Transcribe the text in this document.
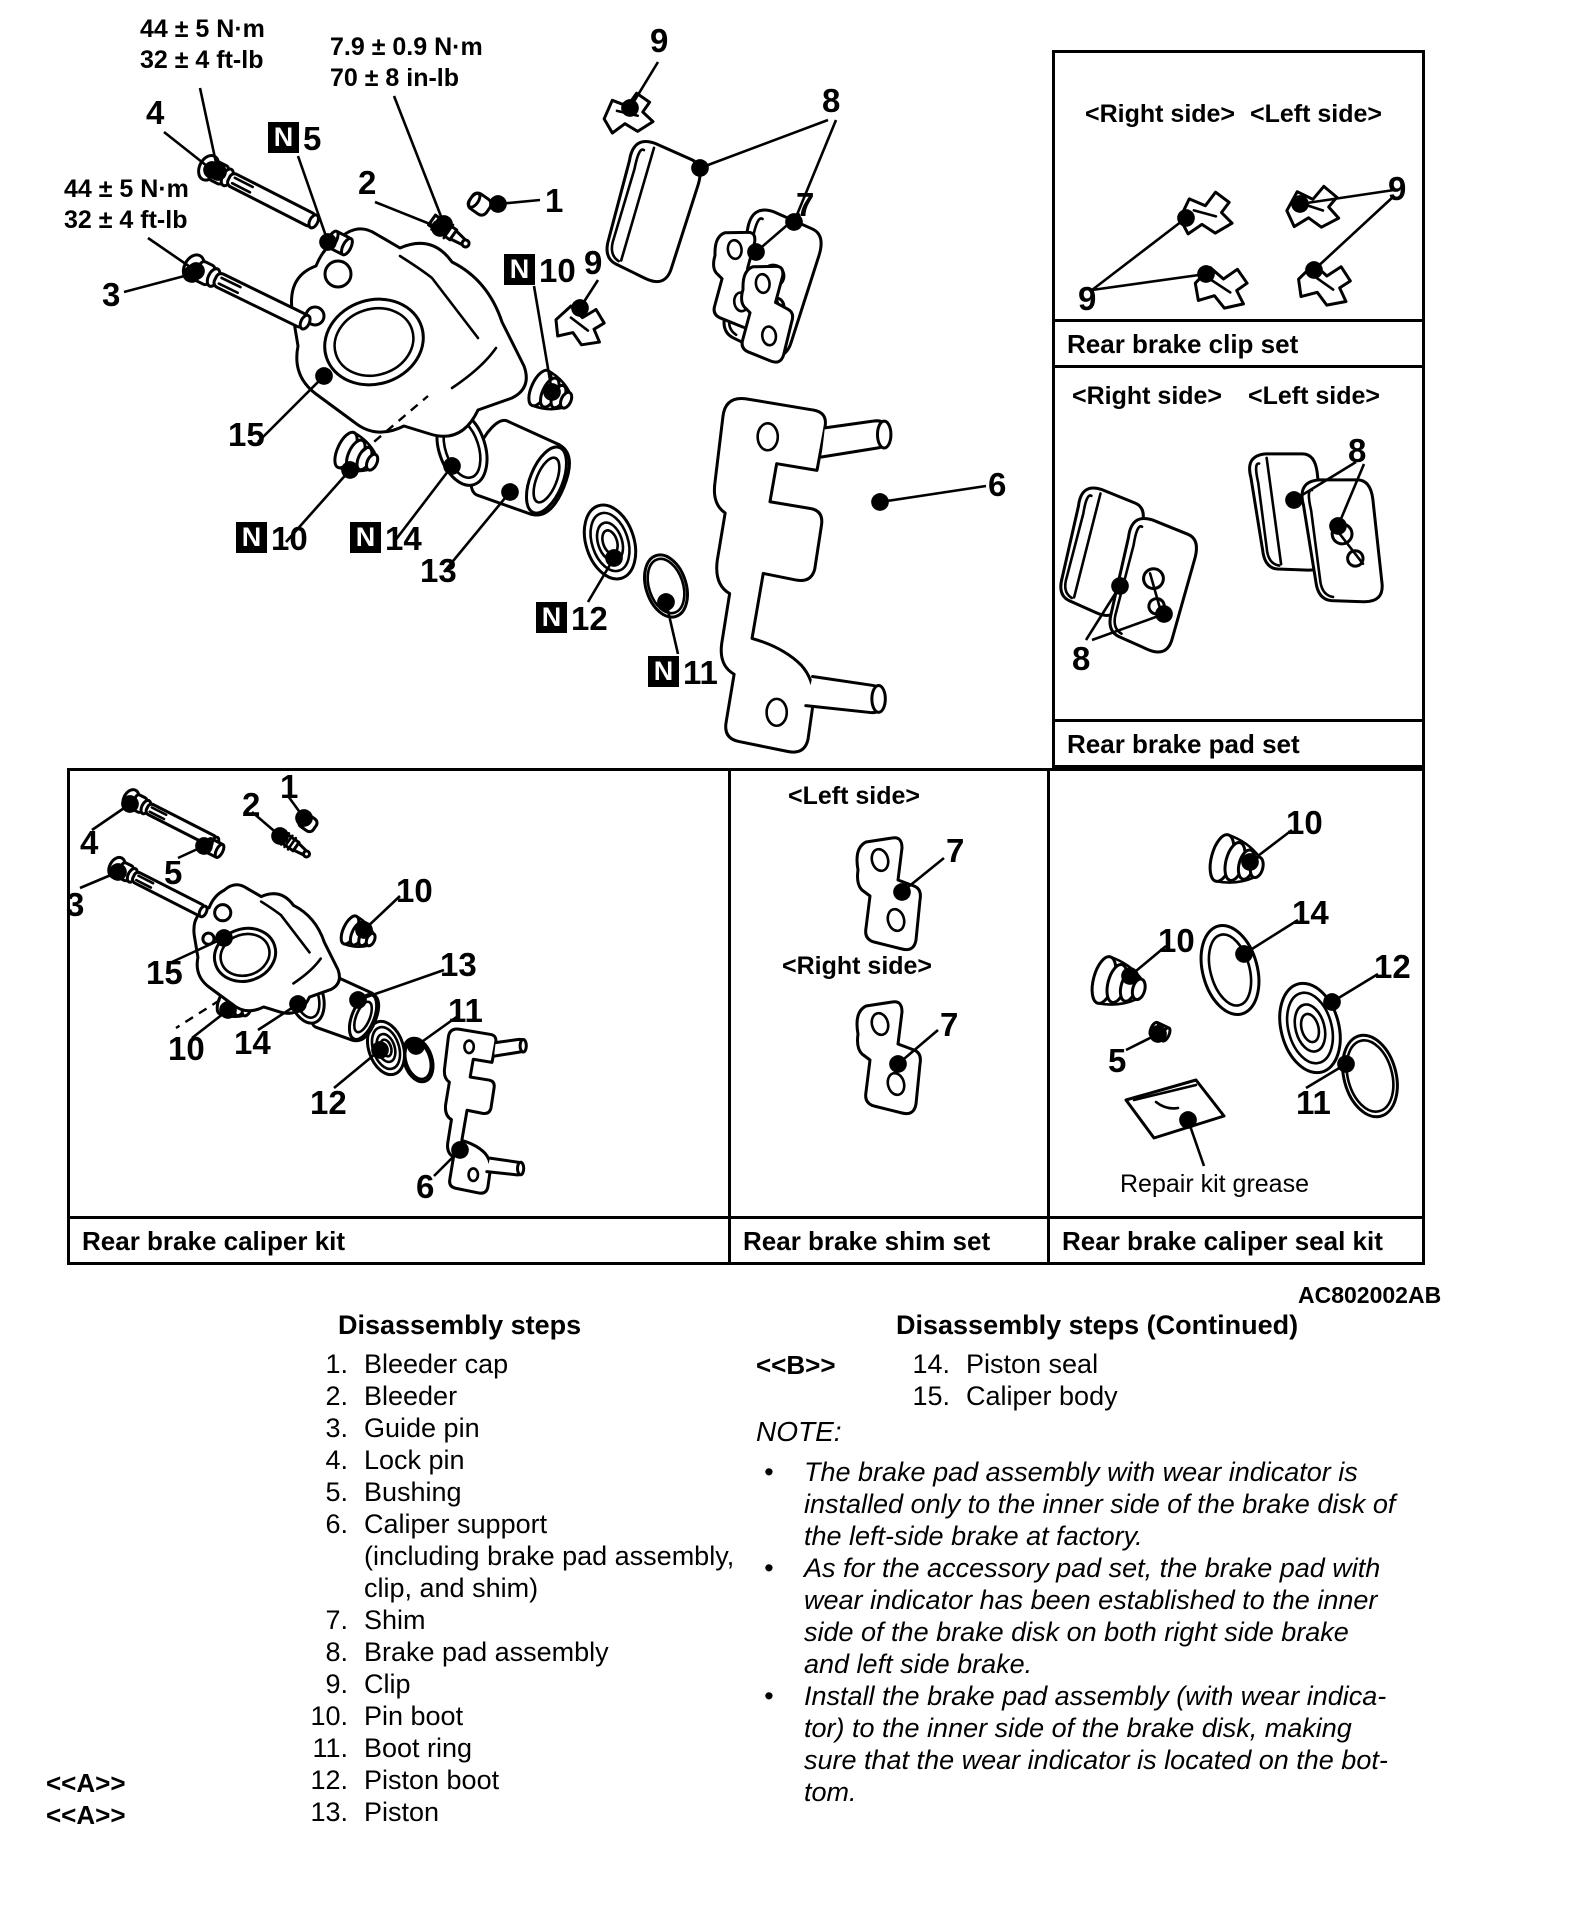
Rear brake clip set
Rear brake pad set
Rear brake caliper kit	Rear brake shim set	Rear brake caliper seal kit
44 ± 5 N·m
32 ± 4 ft-lb	7.9 ± 0.9 N·m
70 ± 8 in-lb
44 ± 5 N·m
32 ± 4 ft-lb
<Right side> <Left side>
<Right side> <Left side>
<Left side>
<Right side>
Repair kit grease
AC802002AB
Disassembly steps
1. Bleeder cap
2. Bleeder
3. Guide pin
4. Lock pin
5. Bushing
6. Caliper support
(including brake pad assembly,
clip, and shim)
7. Shim
8. Brake pad assembly
9. Clip
10. Pin boot
11. Boot ring
12. Piston boot
13. Piston
<<A>>
<<A>>
Disassembly steps (Continued)
<<B>>	14. Piston seal
15. Caliper body
NOTE:
• The brake pad assembly with wear indicator is
installed only to the inner side of the brake disk of
the left-side brake at factory.
• As for the accessory pad set, the brake pad with
wear indicator has been established to the inner
side of the brake disk on both right side brake
and left side brake.
• Install the brake pad assembly (with wear indica-
tor) to the inner side of the brake disk, making
sure that the wear indicator is located on the bot-
tom.
4
N 5
2	1
3
9
8
9
7
N 10
15
N 10 N 14
13
N 12
N 11
6
1
2
4
5
3
15
10
13
14
10
12
11
6
7
7
10
14
10
12
5
11
9
9
8
8
